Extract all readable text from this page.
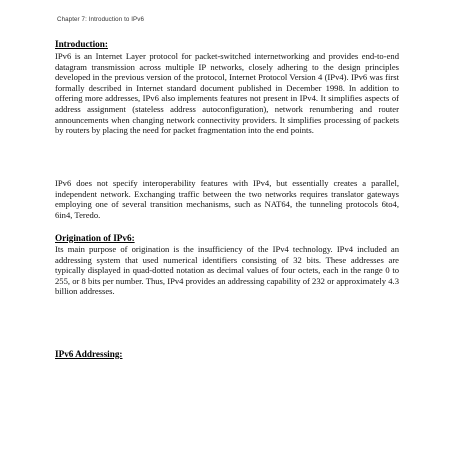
Chapter 7: Introduction to IPv6
Introduction:

IPv6 is an Internet Layer protocol for packet-switched internetworking and provides end-to-end datagram transmission across multiple IP networks, closely adhering to the design principles developed in the previous version of the protocol, Internet Protocol Version 4 (IPv4). IPv6 was first formally described in Internet standard document published in December 1998. In addition to offering more addresses, IPv6 also implements features not present in IPv4. It simplifies aspects of address assignment (stateless address autoconfiguration), network renumbering and router announcements when changing network connectivity providers. It simplifies processing of packets by routers by placing the need for packet fragmentation into the end points.

IPv6 does not specify interoperability features with IPv4, but essentially creates a parallel, independent network. Exchanging traffic between the two networks requires translator gateways employing one of several transition mechanisms, such as NAT64, the tunneling protocols 6to4, 6in4, Teredo.

Origination of IPv6:

Its main purpose of origination is the insufficiency of the IPv4 technology. IPv4 included an addressing system that used numerical identifiers consisting of 32 bits. These addresses are typically displayed in quad-dotted notation as decimal values of four octets, each in the range 0 to 255, or 8 bits per number. Thus, IPv4 provides an addressing capability of 232 or approximately 4.3 billion addresses.

IPv6 Addressing:
